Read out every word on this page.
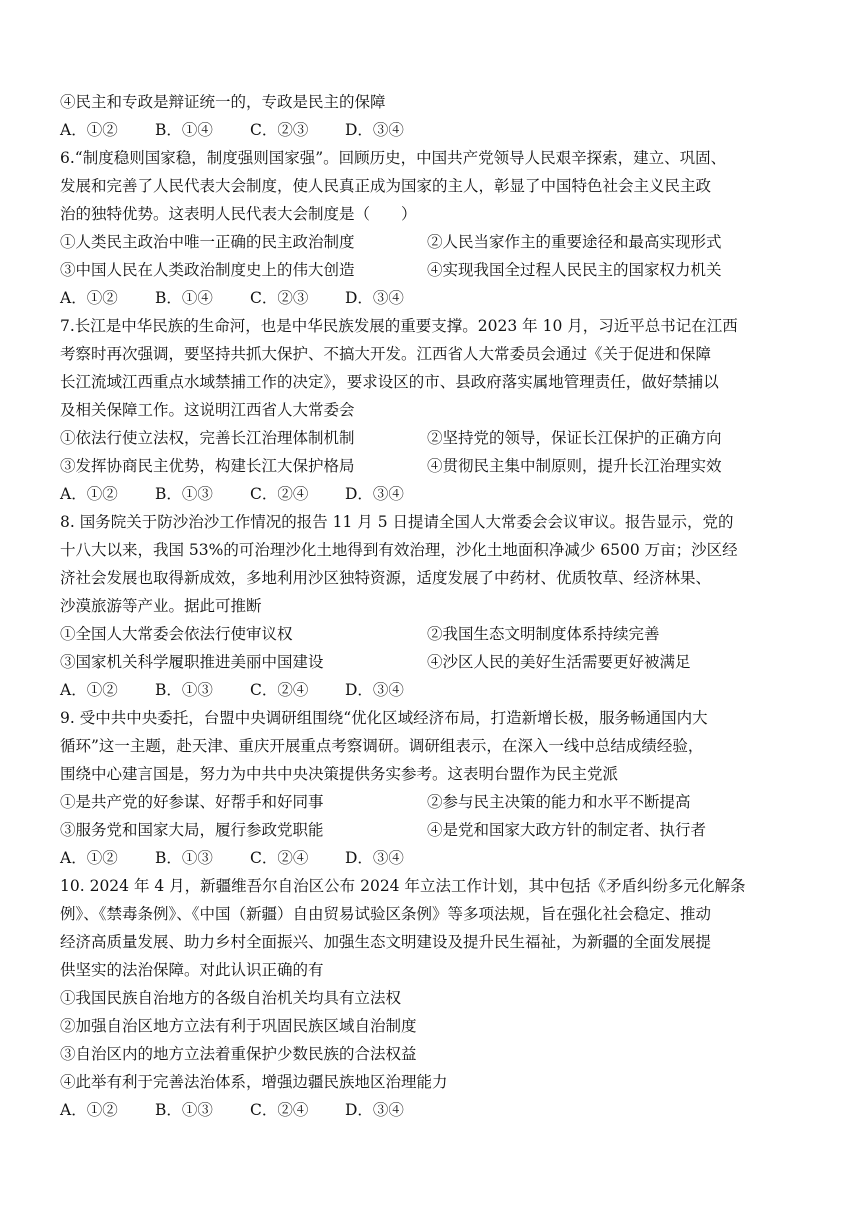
④民主和专政是辩证统一的，专政是民主的保障
A．①②	B．①④	C．②③	D．③④
6.“制度稳则国家稳，制度强则国家强”。回顾历史，中国共产党领导人民艰辛探索，建立、巩固、
发展和完善了人民代表大会制度，使人民真正成为国家的主人，彰显了中国特色社会主义民主政
治的独特优势。这表明人民代表大会制度是（　　）
①人类民主政治中唯一正确的民主政治制度	②人民当家作主的重要途径和最高实现形式
③中国人民在人类政治制度史上的伟大创造	④实现我国全过程人民民主的国家权力机关
A．①②	B．①④	C．②③	D．③④
7.长江是中华民族的生命河，也是中华民族发展的重要支撑。2023 年 10 月，习近平总书记在江西
考察时再次强调，要坚持共抓大保护、不搞大开发。江西省人大常委员会通过《关于促进和保障
长江流域江西重点水域禁捕工作的决定》，要求设区的市、县政府落实属地管理责任，做好禁捕以
及相关保障工作。这说明江西省人大常委会
①依法行使立法权，完善长江治理体制机制	②坚持党的领导，保证长江保护的正确方向
③发挥协商民主优势，构建长江大保护格局	④贯彻民主集中制原则，提升长江治理实效
A．①②	B．①③	C．②④	D．③④
8. 国务院关于防沙治沙工作情况的报告 11 月 5 日提请全国人大常委会会议审议。报告显示，党的
十八大以来，我国 53%的可治理沙化土地得到有效治理，沙化土地面积净减少 6500 万亩；沙区经
济社会发展也取得新成效，多地利用沙区独特资源，适度发展了中药材、优质牧草、经济林果、
沙漠旅游等产业。据此可推断
①全国人大常委会依法行使审议权	②我国生态文明制度体系持续完善
③国家机关科学履职推进美丽中国建设	④沙区人民的美好生活需要更好被满足
A．①②	B．①③	C．②④	D．③④
9. 受中共中央委托，台盟中央调研组围绕“优化区域经济布局，打造新增长极，服务畅通国内大
循环”这一主题，赴天津、重庆开展重点考察调研。调研组表示，在深入一线中总结成绩经验，
围绕中心建言国是，努力为中共中央决策提供务实参考。这表明台盟作为民主党派
①是共产党的好参谋、好帮手和好同事	②参与民主决策的能力和水平不断提高
③服务党和国家大局，履行参政党职能	④是党和国家大政方针的制定者、执行者
A．①②	B．①③	C．②④	D．③④
10. 2024 年 4 月，新疆维吾尔自治区公布 2024 年立法工作计划，其中包括《矛盾纠纷多元化解条
例》、《禁毒条例》、《中国（新疆）自由贸易试验区条例》等多项法规，旨在强化社会稳定、推动
经济高质量发展、助力乡村全面振兴、加强生态文明建设及提升民生福祉，为新疆的全面发展提
供坚实的法治保障。对此认识正确的有
①我国民族自治地方的各级自治机关均具有立法权
②加强自治区地方立法有利于巩固民族区域自治制度
③自治区内的地方立法着重保护少数民族的合法权益
④此举有利于完善法治体系，增强边疆民族地区治理能力
A．①②	B．①③	C．②④	D．③④
